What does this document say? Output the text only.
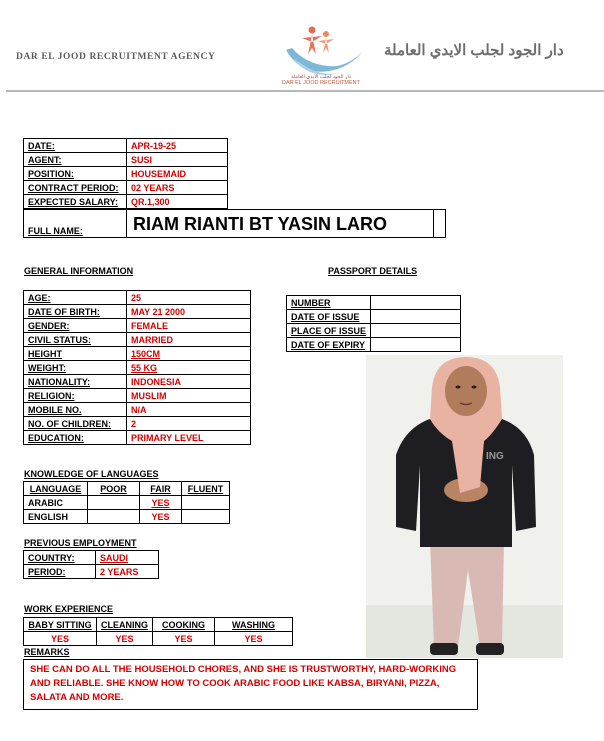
DAR EL JOOD RECRUITMENT AGENCY
دار الجود لجلب الايدي العاملة
DAR EL JOOD RECRUITMENT
دار الجود لجلب الايدي العاملة
DATE:	APR-19-25
AGENT:	SUSI
POSITION:	HOUSEMAID
CONTRACT PERIOD:	02 YEARS
EXPECTED SALARY:	QR.1,300
FULL NAME:	RIAM RIANTI BT YASIN LARO	
GENERAL INFORMATION
AGE:	25
DATE OF BIRTH:	MAY 21 2000
GENDER:	FEMALE
CIVIL STATUS:	MARRIED
HEIGHT	150CM
WEIGHT:	55 KG
NATIONALITY:	INDONESIA
RELIGION:	MUSLIM
MOBILE NO.	N/A
NO. OF CHILDREN:	2
EDUCATION:	PRIMARY LEVEL
PASSPORT DETAILS
NUMBER	
DATE OF ISSUE	
PLACE OF ISSUE	
DATE OF EXPIRY	
ING
KNOWLEDGE OF LANGUAGES
LANGUAGE	POOR	FAIR	FLUENT
ARABIC		YES	
ENGLISH		YES	
PREVIOUS EMPLOYMENT
COUNTRY:	SAUDI
PERIOD:	2 YEARS
WORK EXPERIENCE
BABY SITTING	CLEANING	COOKING	WASHING
YES	YES	YES	YES
REMARKS
SHE CAN DO ALL THE HOUSEHOLD CHORES, AND SHE IS TRUSTWORTHY, HARD-WORKING AND RELIABLE. SHE KNOW HOW TO COOK ARABIC FOOD LIKE KABSA, BIRYANI, PIZZA, SALATA AND MORE.
